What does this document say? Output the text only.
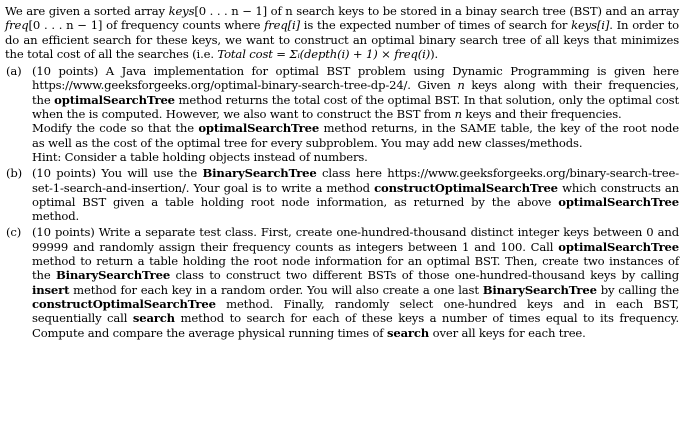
We are given a sorted array keys[0 . . . n − 1] of n search keys to be stored in a binay search tree (BST) and an array freq[0 . . . n − 1] of frequency counts where freq[i] is the expected number of times of search for keys[i]. In order to do an efficient search for these keys, we want to construct an optimal binary search tree of all keys that minimizes the total cost of all the searches (i.e. Total cost = Σᵢ(depth(i) + 1) × freq(i)).

(a) (10 points) A Java implementation for optimal BST problem using Dynamic Programming is given here https://www.geeksforgeeks.org/optimal-binary-search-tree-dp-24/. Given n keys along with their frequencies, the optimalSearchTree method returns the total cost of the optimal BST. In that solution, only the optimal cost when the is computed. However, we also want to construct the BST from n keys and their frequencies.

Modify the code so that the optimalSearchTree method returns, in the SAME table, the key of the root node as well as the cost of the optimal tree for every subproblem. You may add new classes/methods.

Hint: Consider a table holding objects instead of numbers.

(b) (10 points) You will use the BinarySearchTree class here https://www.geeksforgeeks.org/binary-search-tree-set-1-search-and-insertion/. Your goal is to write a method constructOptimalSearchTree which constructs an optimal BST given a table holding root node information, as returned by the above optimalSearchTree method.

(c) (10 points) Write a separate test class. First, create one-hundred-thousand distinct integer keys between 0 and 99999 and randomly assign their frequency counts as integers between 1 and 100. Call optimalSearchTree method to return a table holding the root node information for an optimal BST. Then, create two instances of the BinarySearchTree class to construct two different BSTs of those one-hundred-thousand keys by calling insert method for each key in a random order. You will also create a one last BinarySearchTree by calling the constructOptimalSearchTree method. Finally, randomly select one-hundred keys and in each BST, sequentially call search method to search for each of these keys a number of times equal to its frequency. Compute and compare the average physical running times of search over all keys for each tree.
